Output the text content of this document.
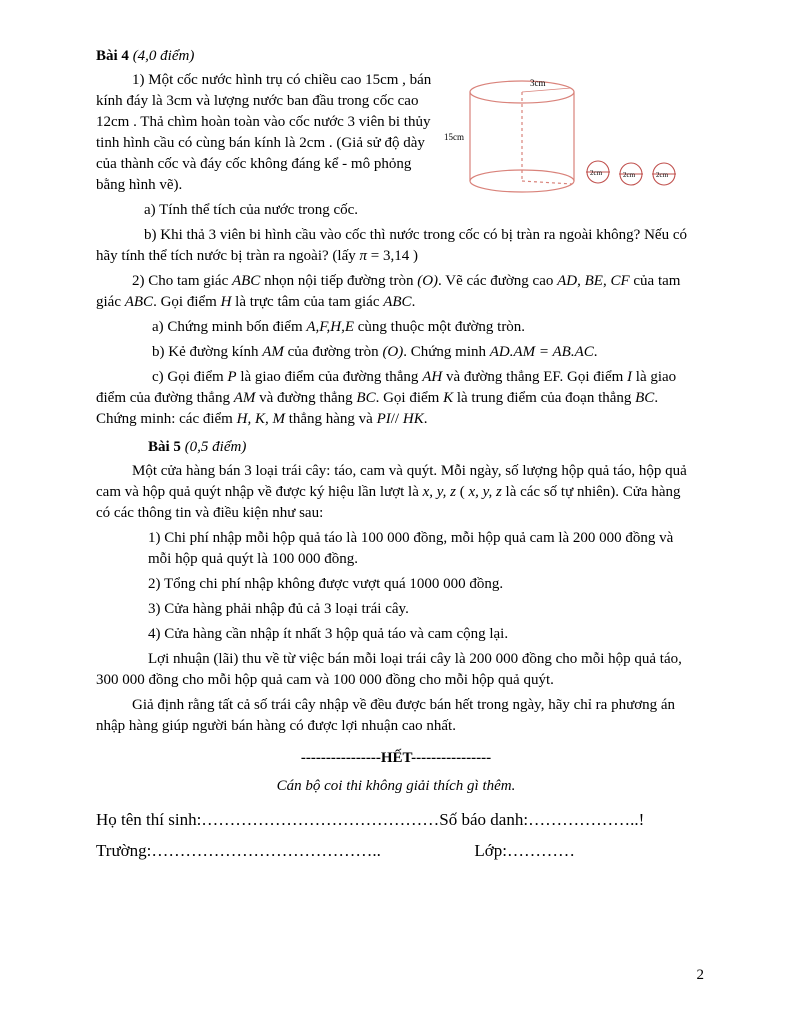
3cm
15cm
2cm	2cm	2cm
Bài 4 (4,0 điểm)
1) Một cốc nước hình trụ có chiều cao 15cm , bán kính đáy là 3cm và lượng nước ban đầu trong cốc cao 12cm . Thả chìm hoàn toàn vào cốc nước 3 viên bi thủy tinh hình cầu có cùng bán kính là 2cm . (Giả sử độ dày của thành cốc và đáy cốc không đáng kể - mô phỏng bằng hình vẽ).
a) Tính thể tích của nước trong cốc.
b) Khi thả 3 viên bi hình cầu vào cốc thì nước trong cốc có bị tràn ra ngoài không? Nếu có hãy tính thể tích nước bị tràn ra ngoài? (lấy π = 3,14 )
2) Cho tam giác ABC nhọn nội tiếp đường tròn (O). Vẽ các đường cao AD, BE, CF của tam giác ABC. Gọi điểm H là trực tâm của tam giác ABC.
a) Chứng minh bốn điểm A,F,H,E cùng thuộc một đường tròn.
b) Kẻ đường kính AM của đường tròn (O). Chứng minh AD.AM = AB.AC.
c) Gọi điểm P là giao điểm của đường thẳng AH và đường thẳng EF. Gọi điểm I là giao điểm của đường thẳng AM và đường thẳng BC. Gọi điểm K là trung điểm của đoạn thẳng BC. Chứng minh: các điểm H, K, M thẳng hàng và PI// HK.
Bài 5 (0,5 điểm)
Một cửa hàng bán 3 loại trái cây: táo, cam và quýt. Mỗi ngày, số lượng hộp quả táo, hộp quả cam và hộp quả quýt nhập về được ký hiệu lần lượt là x, y, z ( x, y, z là các số tự nhiên). Cửa hàng có các thông tin và điều kiện như sau:
1) Chi phí nhập mỗi hộp quả táo là 100 000 đồng, mỗi hộp quả cam là 200 000 đồng và mỗi hộp quả quýt là 100 000 đồng.
2) Tổng chi phí nhập không được vượt quá 1000 000 đồng.
3) Cửa hàng phải nhập đủ cả 3 loại trái cây.
4) Cửa hàng cần nhập ít nhất 3 hộp quả táo và cam cộng lại.
Lợi nhuận (lãi) thu về từ việc bán mỗi loại trái cây là 200 000 đồng cho mỗi hộp quả táo, 300 000 đồng cho mỗi hộp quả cam và 100 000 đồng cho mỗi hộp quả quýt.
Giả định rằng tất cả số trái cây nhập về đều được bán hết trong ngày, hãy chỉ ra phương án nhập hàng giúp người bán hàng có được lợi nhuận cao nhất.
----------------HẾT----------------
Cán bộ coi thi không giải thích gì thêm.
Họ tên thí sinh:……………………………………Số báo danh:………………..!
Trường:…………………………………..                      Lớp:…………
2
